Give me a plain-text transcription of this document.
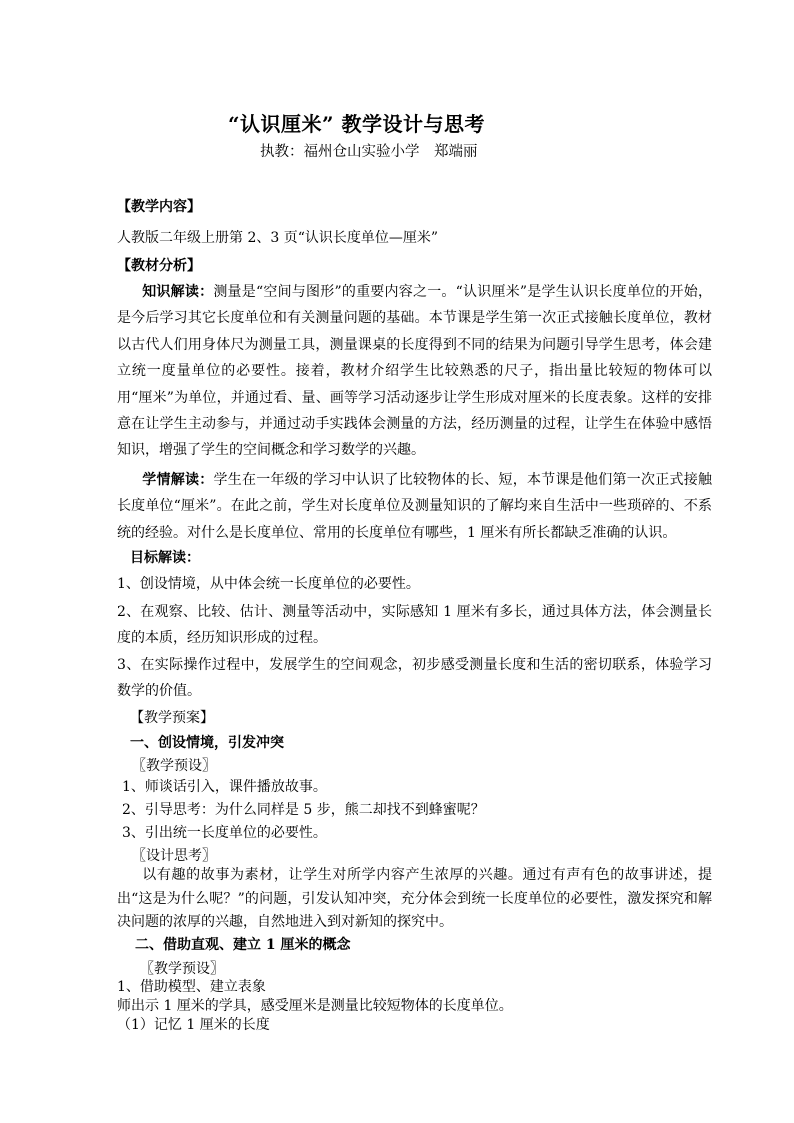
“认识厘米” 教学设计与思考
执教：福州仓山实验小学　郑端丽
【教学内容】
人教版二年级上册第 2、3 页“认识长度单位—厘米”
【教材分析】
知识解读：测量是“空间与图形”的重要内容之一。“认识厘米”是学生认识长度单位的开始，是今后学习其它长度单位和有关测量问题的基础。本节课是学生第一次正式接触长度单位，教材以古代人们用身体尺为测量工具，测量课桌的长度得到不同的结果为问题引导学生思考，体会建立统一度量单位的必要性。接着，教材介绍学生比较熟悉的尺子，指出量比较短的物体可以用“厘米”为单位，并通过看、量、画等学习活动逐步让学生形成对厘米的长度表象。这样的安排意在让学生主动参与，并通过动手实践体会测量的方法，经历测量的过程，让学生在体验中感悟知识，增强了学生的空间概念和学习数学的兴趣。
学情解读：学生在一年级的学习中认识了比较物体的长、短，本节课是他们第一次正式接触长度单位“厘米”。在此之前，学生对长度单位及测量知识的了解均来自生活中一些琐碎的、不系统的经验。对什么是长度单位、常用的长度单位有哪些，1 厘米有所长都缺乏准确的认识。
目标解读：
1、创设情境，从中体会统一长度单位的必要性。
2、在观察、比较、估计、测量等活动中，实际感知 1 厘米有多长，通过具体方法，体会测量长度的本质，经历知识形成的过程。
3、在实际操作过程中，发展学生的空间观念，初步感受测量长度和生活的密切联系，体验学习数学的价值。
【教学预案】
一、创设情境，引发冲突
〖教学预设〗
1、师谈话引入，课件播放故事。
2、引导思考：为什么同样是 5 步，熊二却找不到蜂蜜呢？
3、引出统一长度单位的必要性。
〖设计思考〗
以有趣的故事为素材，让学生对所学内容产生浓厚的兴趣。通过有声有色的故事讲述，提出“这是为什么呢？”的问题，引发认知冲突，充分体会到统一长度单位的必要性，激发探究和解决问题的浓厚的兴趣，自然地进入到对新知的探究中。
二、借助直观、建立 1 厘米的概念
〖教学预设〗
1、借助模型、建立表象
师出示 1 厘米的学具，感受厘米是测量比较短物体的长度单位。
（1）记忆 1 厘米的长度
